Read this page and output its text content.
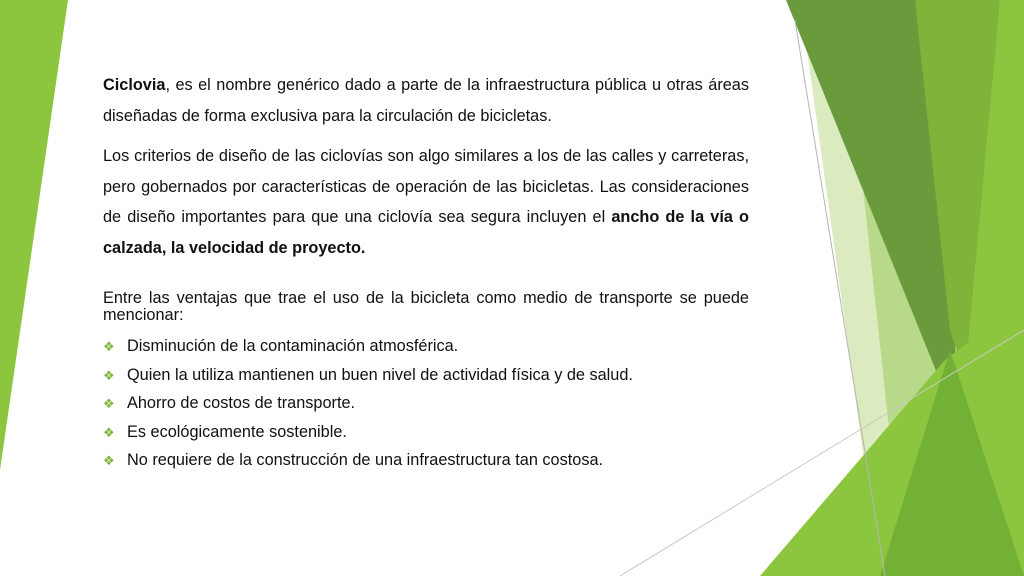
Ciclovia, es el nombre genérico dado a parte de la infraestructura pública u otras áreas diseñadas de forma exclusiva para la circulación de bicicletas.

Los criterios de diseño de las ciclovías son algo similares a los de las calles y carreteras, pero gobernados por características de operación de las bicicletas. Las consideraciones de diseño importantes para que una ciclovía sea segura incluyen el ancho de la vía o calzada, la velocidad de proyecto.

Entre las ventajas que trae el uso de la bicicleta como medio de transporte se puede mencionar:

❖ Disminución de la contaminación atmosférica.
❖ Quien la utiliza mantienen un buen nivel de actividad física y de salud.
❖ Ahorro de costos de transporte.
❖ Es ecológicamente sostenible.
❖ No requiere de la construcción de una infraestructura tan costosa.
